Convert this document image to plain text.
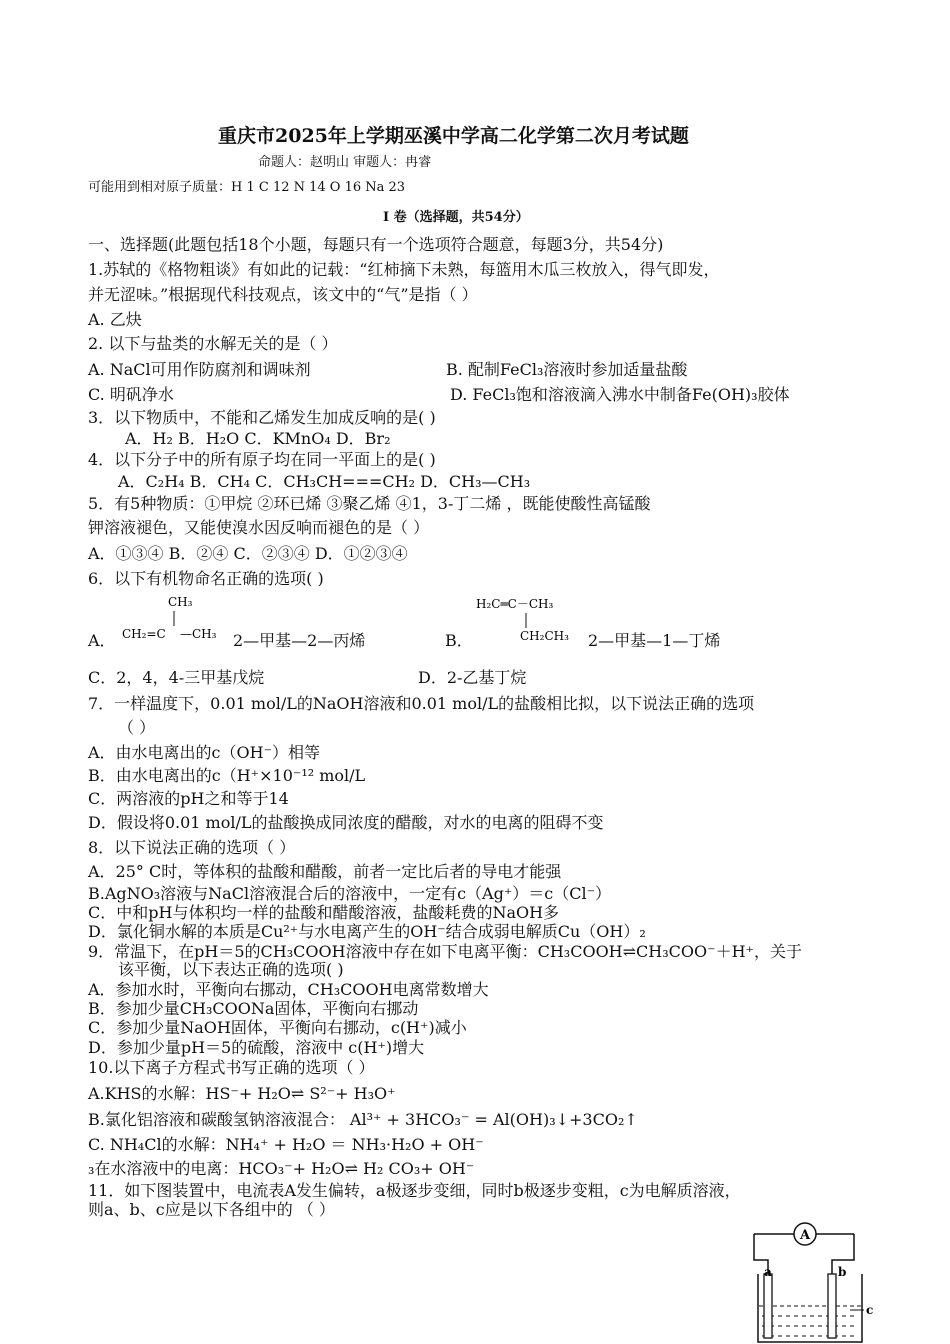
重庆市2025年上学期巫溪中学高二化学第二次月考试题
命题人：赵明山 审题人：冉睿
可能用到相对原子质量：H 1 C 12 N 14 O 16 Na 23
Ⅰ 卷（选择题，共54分）
一、选择题(此题包括18个小题，每题只有一个选项符合题意，每题3分，共54分)
1.苏轼的《格物粗谈》有如此的记载：“红柿摘下未熟，每篮用木瓜三枚放入，得气即发，
并无涩味。”根据现代科技观点，该文中的“气”是指（ ）
A. 乙炔
2. 以下与盐类的水解无关的是（ ）
A. NaCl可用作防腐剂和调味剂	B. 配制FeCl₃溶液时参加适量盐酸
C. 明矾净水	D. FeCl₃饱和溶液滴入沸水中制备Fe(OH)₃胶体
3．以下物质中，不能和乙烯发生加成反响的是( )
A．H₂ B．H₂O C．KMnO₄ D．Br₂
4．以下分子中的所有原子均在同一平面上的是( )
A．C₂H₄ B．CH₄ C．CH₃CH===CH₂ D．CH₃—CH₃
5．有5种物质：①甲烷 ②环已烯 ③聚乙烯 ④1，3-丁二烯 ，既能使酸性高锰酸
钾溶液褪色，又能使溴水因反响而褪色的是（ ）
A．①③④ B．②④ C．②③④ D．①②③④
6．以下有机物命名正确的选项( )
A．
CH₃
CH₂=C —CH₃ 2—甲基—2—丙烯	B．
H₂C═C－CH₃
CH₂CH₃ 2—甲基—1—丁烯
C．2，4，4-三甲基戊烷	D．2-乙基丁烷
7．一样温度下，0.01 mol/L的NaOH溶液和0.01 mol/L的盐酸相比拟，以下说法正确的选项
（ ）
A．由水电离出的c（OH⁻）相等
B．由水电离出的c（H⁺×10⁻¹² mol/L
C．两溶液的pH之和等于14
D．假设将0.01 mol/L的盐酸换成同浓度的醋酸，对水的电离的阻碍不变
8．以下说法正确的选项（ ）
A．25° C时，等体积的盐酸和醋酸，前者一定比后者的导电才能强
B.AgNO₃溶液与NaCl溶液混合后的溶液中，一定有c（Ag⁺）＝c（Cl⁻）
C．中和pH与体积均一样的盐酸和醋酸溶液，盐酸耗费的NaOH多
D．氯化铜水解的本质是Cu²⁺与水电离产生的OH⁻结合成弱电解质Cu（OH）₂
9．常温下，在pH＝5的CH₃COOH溶液中存在如下电离平衡：CH₃COOH⇌CH₃COO⁻＋H⁺，关于
该平衡，以下表达正确的选项( )
A．参加水时，平衡向右挪动，CH₃COOH电离常数增大
B．参加少量CH₃COONa固体，平衡向右挪动
C．参加少量NaOH固体，平衡向右挪动，c(H⁺)减小
D．参加少量pH＝5的硫酸，溶液中 c(H⁺)增大
10.以下离子方程式书写正确的选项（ ）
A.KHS的水解：HS⁻+ H₂O⇌ S²⁻+ H₃O⁺
B.氯化铝溶液和碳酸氢钠溶液混合： Al³⁺ + 3HCO₃⁻ = Al(OH)₃↓+3CO₂↑
C. NH₄Cl的水解：NH₄⁺ + H₂O ＝ NH₃·H₂O + OH⁻
₃在水溶液中的电离：HCO₃⁻+ H₂O⇌ H₂ CO₃+ OH⁻
11．如下图装置中，电流表A发生偏转，a极逐步变细，同时b极逐步变粗，c为电解质溶液，
则a、b、c应是以下各组中的 （ ）
A
a	b
c
